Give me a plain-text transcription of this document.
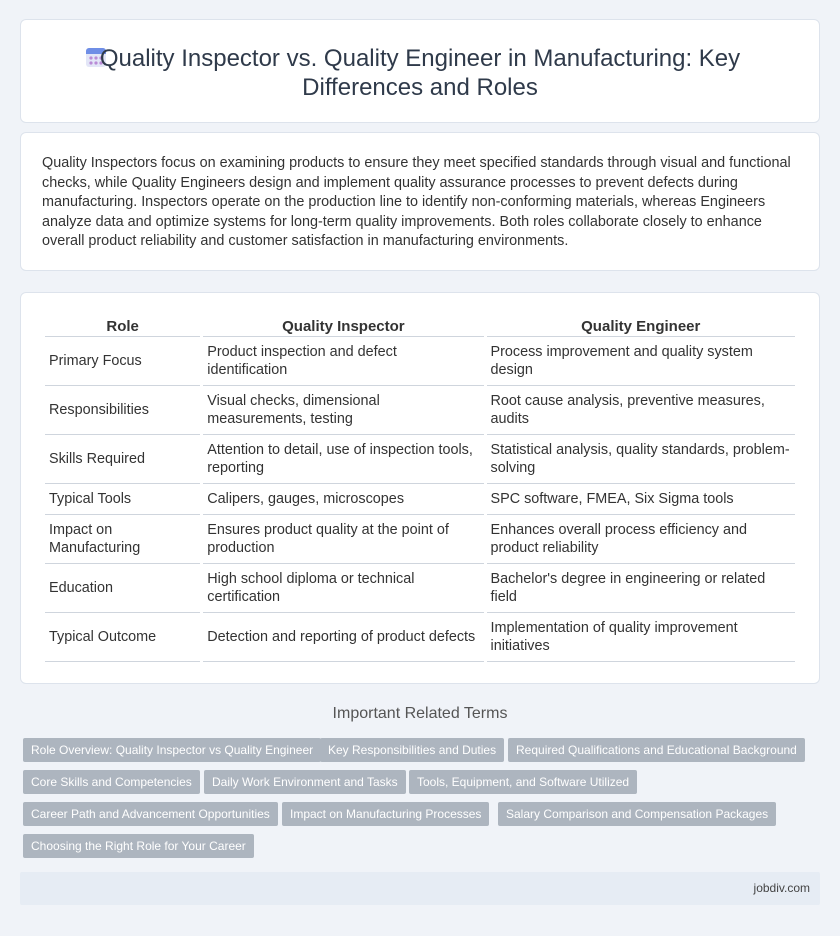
Quality Inspector vs. Quality Engineer in Manufacturing: Key
Differences and Roles

Quality Inspectors focus on examining products to ensure they meet specified standards through visual and functional checks, while Quality Engineers design and implement quality assurance processes to prevent defects during manufacturing. Inspectors operate on the production line to identify non-conforming materials, whereas Engineers analyze data and optimize systems for long-term quality improvements. Both roles collaborate closely to enhance overall product reliability and customer satisfaction in manufacturing environments.

Role	Quality Inspector	Quality Engineer
Primary Focus	Product inspection and defect identification	Process improvement and quality system design
Responsibilities	Visual checks, dimensional measurements, testing	Root cause analysis, preventive measures, audits
Skills Required	Attention to detail, use of inspection tools, reporting	Statistical analysis, quality standards, problem-solving
Typical Tools	Calipers, gauges, microscopes	SPC software, FMEA, Six Sigma tools
Impact on Manufacturing	Ensures product quality at the point of production	Enhances overall process efficiency and product reliability
Education	High school diploma or technical certification	Bachelor's degree in engineering or related field
Typical Outcome	Detection and reporting of product defects	Implementation of quality improvement initiatives
Important Related Terms
Role Overview: Quality Inspector vs Quality Engineer	Key Responsibilities and Duties	Required Qualifications and Educational Background
Core Skills and Competencies	Daily Work Environment and Tasks	Tools, Equipment, and Software Utilized
Career Path and Advancement Opportunities	Impact on Manufacturing Processes	Salary Comparison and Compensation Packages
Choosing the Right Role for Your Career
jobdiv.com
